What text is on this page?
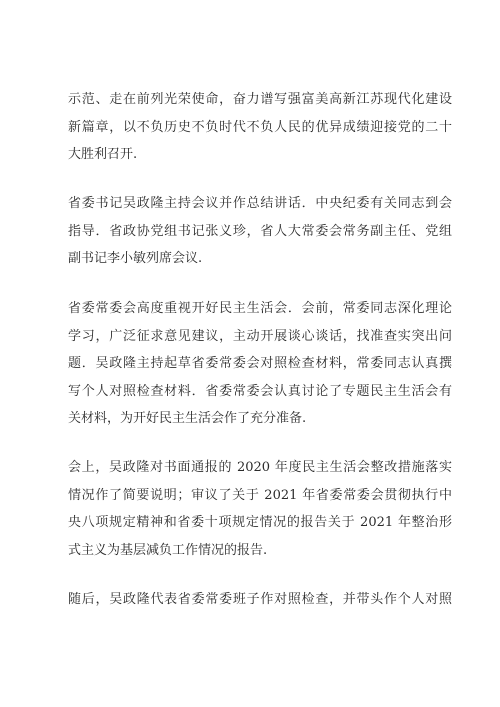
示范、走在前列光荣使命，奋力谱写强富美高新江苏现代化建设
新篇章，以不负历史不负时代不负人民的优异成绩迎接党的二十
大胜利召开.
省委书记吴政隆主持会议并作总结讲话．中央纪委有关同志到会
指导．省政协党组书记张义珍，省人大常委会常务副主任、党组
副书记李小敏列席会议.
省委常委会高度重视开好民主生活会．会前，常委同志深化理论
学习，广泛征求意见建议，主动开展谈心谈话，找准查实突出问
题．吴政隆主持起草省委常委会对照检查材料，常委同志认真撰
写个人对照检查材料．省委常委会认真讨论了专题民主生活会有
关材料，为开好民主生活会作了充分准备.
会上，吴政隆对书面通报的 2020 年度民主生活会整改措施落实
情况作了简要说明；审议了关于 2021 年省委常委会贯彻执行中
央八项规定精神和省委十项规定情况的报告关于 2021 年整治形
式主义为基层减负工作情况的报告.
随后，吴政隆代表省委常委班子作对照检查，并带头作个人对照
